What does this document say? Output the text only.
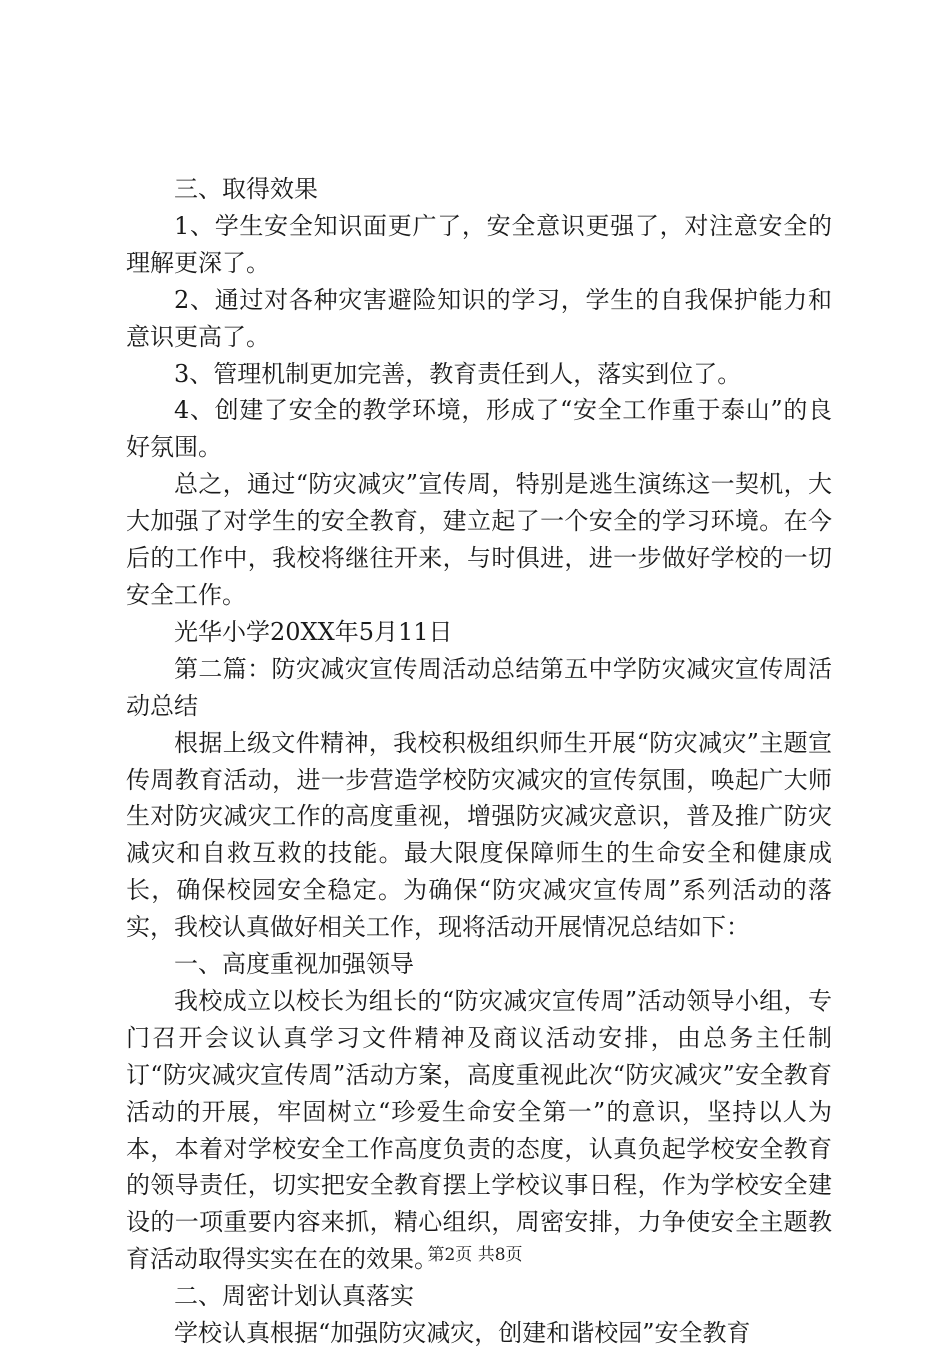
三、取得效果

1、学生安全知识面更广了，安全意识更强了，对注意安全的理解更深了。

2、通过对各种灾害避险知识的学习，学生的自我保护能力和意识更高了。

3、管理机制更加完善，教育责任到人，落实到位了。

4、创建了安全的教学环境，形成了“安全工作重于泰山”的良好氛围。

总之，通过“防灾减灾”宣传周，特别是逃生演练这一契机，大大加强了对学生的安全教育，建立起了一个安全的学习环境。在今后的工作中，我校将继往开来，与时俱进，进一步做好学校的一切安全工作。

光华小学20XX年5月11日

第二篇：防灾减灾宣传周活动总结第五中学防灾减灾宣传周活动总结

根据上级文件精神，我校积极组织师生开展“防灾减灾”主题宣传周教育活动，进一步营造学校防灾减灾的宣传氛围，唤起广大师生对防灾减灾工作的高度重视，增强防灾减灾意识，普及推广防灾减灾和自救互救的技能。最大限度保障师生的生命安全和健康成长，确保校园安全稳定。为确保“防灾减灾宣传周”系列活动的落实，我校认真做好相关工作，现将活动开展情况总结如下：

一、高度重视加强领导

我校成立以校长为组长的“防灾减灾宣传周”活动领导小组，专门召开会议认真学习文件精神及商议活动安排，由总务主任制订“防灾减灾宣传周”活动方案，高度重视此次“防灾减灾”安全教育活动的开展，牢固树立“珍爱生命安全第一”的意识，坚持以人为本，本着对学校安全工作高度负责的态度，认真负起学校安全教育的领导责任，切实把安全教育摆上学校议事日程，作为学校安全建设的一项重要内容来抓，精心组织，周密安排，力争使安全主题教育活动取得实实在在的效果。

二、周密计划认真落实

学校认真根据“加强防灾减灾，创建和谐校园”安全教育

第2页 共8页
